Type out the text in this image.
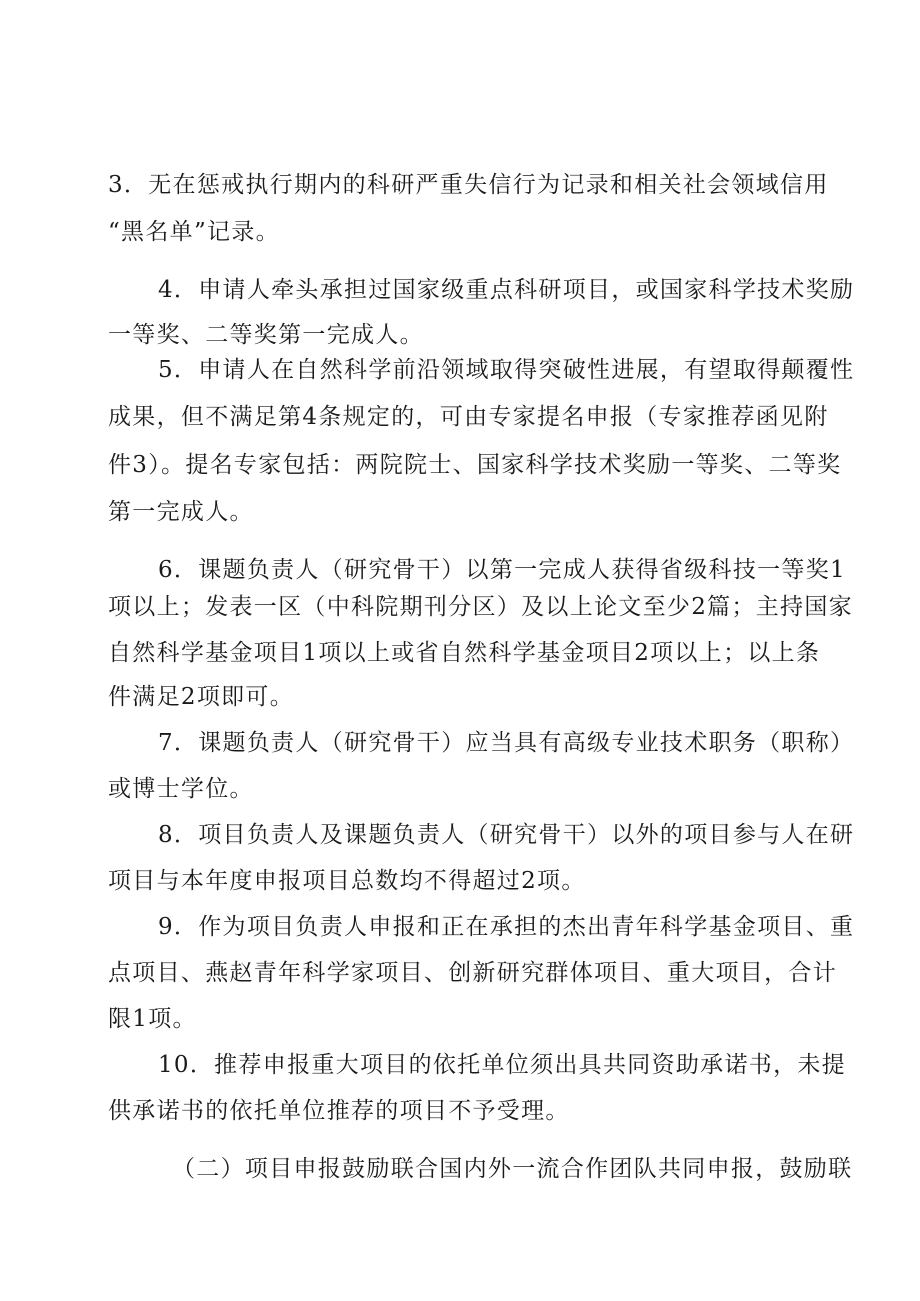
3．无在惩戒执行期内的科研严重失信行为记录和相关社会领域信用
“黑名单”记录。
4．申请人牵头承担过国家级重点科研项目，或国家科学技术奖励
一等奖、二等奖第一完成人。
5．申请人在自然科学前沿领域取得突破性进展，有望取得颠覆性
成果，但不满足第4条规定的，可由专家提名申报（专家推荐函见附
件3）。提名专家包括：两院院士、国家科学技术奖励一等奖、二等奖
第一完成人。
6．课题负责人（研究骨干）以第一完成人获得省级科技一等奖1
项以上；发表一区（中科院期刊分区）及以上论文至少2篇；主持国家
自然科学基金项目1项以上或省自然科学基金项目2项以上；以上条
件满足2项即可。
7．课题负责人（研究骨干）应当具有高级专业技术职务（职称）
或博士学位。
8．项目负责人及课题负责人（研究骨干）以外的项目参与人在研
项目与本年度申报项目总数均不得超过2项。
9．作为项目负责人申报和正在承担的杰出青年科学基金项目、重
点项目、燕赵青年科学家项目、创新研究群体项目、重大项目，合计
限1项。
10．推荐申报重大项目的依托单位须出具共同资助承诺书，未提
供承诺书的依托单位推荐的项目不予受理。
（二）项目申报鼓励联合国内外一流合作团队共同申报，鼓励联
